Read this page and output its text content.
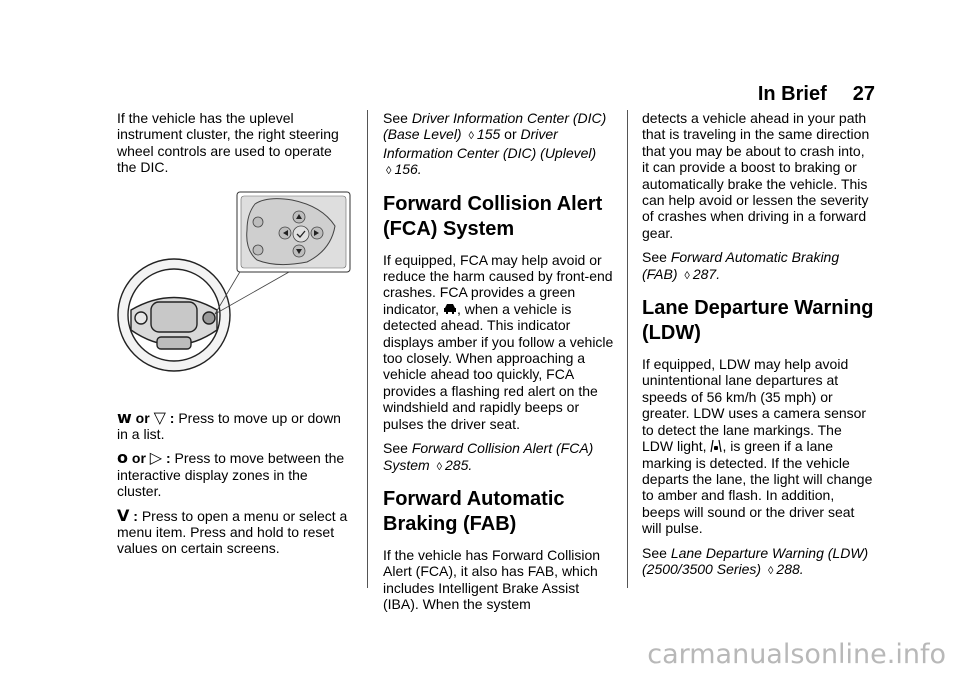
In Brief 27

If the vehicle has the uplevel instrument cluster, the right steering wheel controls are used to operate the DIC.

w or ▽ : Press to move up or down in a list.

o or ▷ : Press to move between the interactive display zones in the cluster.

V : Press to open a menu or select a menu item. Press and hold to reset values on certain screens.

See Driver Information Center (DIC) (Base Level) ◊ 155 or Driver Information Center (DIC) (Uplevel) ◊ 156.

Forward Collision Alert (FCA) System

If equipped, FCA may help avoid or reduce the harm caused by front-end crashes. FCA provides a green indicator, , when a vehicle is detected ahead. This indicator displays amber if you follow a vehicle too closely. When approaching a vehicle ahead too quickly, FCA provides a flashing red alert on the windshield and rapidly beeps or pulses the driver seat.

See Forward Collision Alert (FCA) System ◊ 285.

Forward Automatic Braking (FAB)

If the vehicle has Forward Collision Alert (FCA), it also has FAB, which includes Intelligent Brake Assist (IBA). When the system

detects a vehicle ahead in your path that is traveling in the same direction that you may be about to crash into, it can provide a boost to braking or automatically brake the vehicle. This can help avoid or lessen the severity of crashes when driving in a forward gear.

See Forward Automatic Braking (FAB) ◊ 287.

Lane Departure Warning (LDW)

If equipped, LDW may help avoid unintentional lane departures at speeds of 56 km/h (35 mph) or greater. LDW uses a camera sensor to detect the lane markings. The LDW light, , is green if a lane marking is detected. If the vehicle departs the lane, the light will change to amber and flash. In addition, beeps will sound or the driver seat will pulse.

See Lane Departure Warning (LDW) (2500/3500 Series) ◊ 288.

carmanualsonline.info
